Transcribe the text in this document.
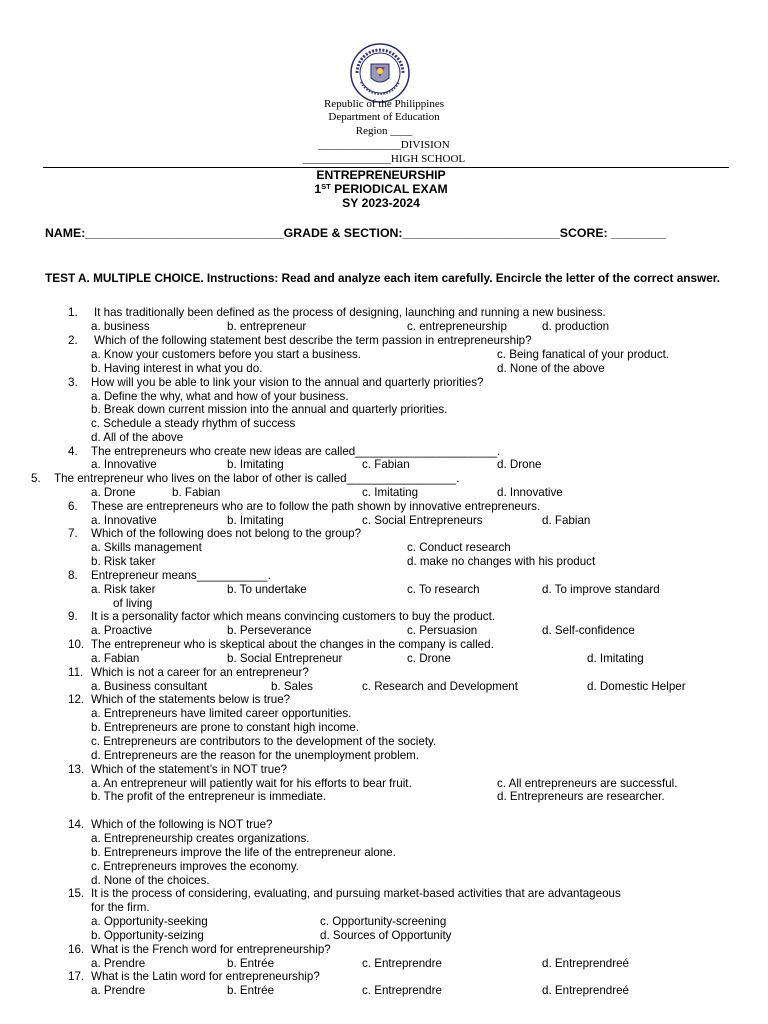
Republic of the Philippines
Department of Education
Region ____
_______________DIVISION
________________HIGH SCHOOL
ENTREPRENEURSHIP
1ST PERIODICAL EXAM
SY 2023-2024
NAME:_____________________________GRADE & SECTION:_______________________SCORE: ________
TEST A. MULTIPLE CHOICE. Instructions: Read and analyze each item carefully. Encircle the letter of the correct answer.
1. It has traditionally been defined as the process of designing, launching and running a new business.
a. business	b. entrepreneur	c. entrepreneurship	d. production
2. Which of the following statement best describe the term passion in entrepreneurship?
a. Know your customers before you start a business.	c. Being fanatical of your product.
b. Having interest in what you do.	d. None of the above
3. How will you be able to link your vision to the annual and quarterly priorities?
a. Define the why, what and how of your business.
b. Break down current mission into the annual and quarterly priorities.
c. Schedule a steady rhythm of success
d. All of the above
4. The entrepreneurs who create new ideas are called______________________.
a. Innovative	b. Imitating	c. Fabian	d. Drone
5. The entrepreneur who lives on the labor of other is called_________________.
a. Drone	b. Fabian	c. Imitating	d. Innovative
6. These are entrepreneurs who are to follow the path shown by innovative entrepreneurs.
a. Innovative	b. Imitating	c. Social Entrepreneurs	d. Fabian
7. Which of the following does not belong to the group?
a. Skills management	c. Conduct research
b. Risk taker	d. make no changes with his product
8. Entrepreneur means___________.
a. Risk taker	b. To undertake	c. To research	d. To improve standard
of living
9. It is a personality factor which means convincing customers to buy the product.
a. Proactive	b. Perseverance	c. Persuasion	d. Self-confidence
10. The entrepreneur who is skeptical about the changes in the company is called.
a. Fabian	b. Social Entrepreneur	c. Drone	d. Imitating
11. Which is not a career for an entrepreneur?
a. Business consultant	b. Sales	c. Research and Development	d. Domestic Helper
12. Which of the statements below is true?
a. Entrepreneurs have limited career opportunities.
b. Entrepreneurs are prone to constant high income.
c. Entrepreneurs are contributors to the development of the society.
d. Entrepreneurs are the reason for the unemployment problem.
13. Which of the statement’s in NOT true?
a. An entrepreneur will patiently wait for his efforts to bear fruit.	c. All entrepreneurs are successful.
b. The profit of the entrepreneur is immediate.	d. Entrepreneurs are researcher.
14. Which of the following is NOT true?
a. Entrepreneurship creates organizations.
b. Entrepreneurs improve the life of the entrepreneur alone.
c. Entrepreneurs improves the economy.
d. None of the choices.
15. It is the process of considering, evaluating, and pursuing market-based activities that are advantageous
for the firm.
a. Opportunity-seeking	c. Opportunity-screening
b. Opportunity-seizing	d. Sources of Opportunity
16. What is the French word for entrepreneurship?
a. Prendre	b. Entrée	c. Entreprendre	d. Entreprendreé
17. What is the Latin word for entrepreneurship?
a. Prendre	b. Entrée	c. Entreprendre	d. Entreprendreé
